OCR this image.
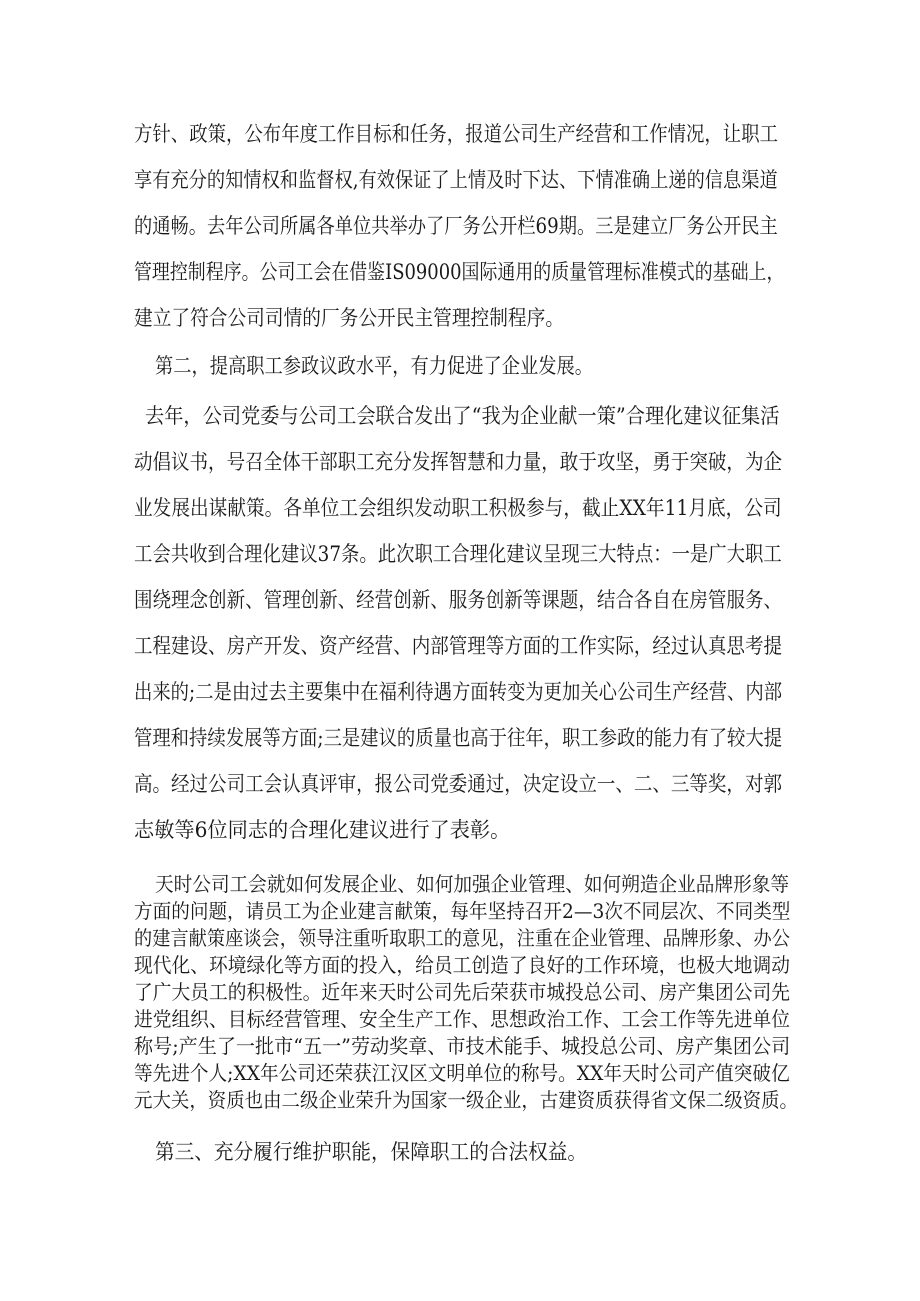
方针、政策，公布年度工作目标和任务，报道公司生产经营和工作情况，让职工
享有充分的知情权和监督权,有效保证了上情及时下达、下情准确上递的信息渠道
的通畅。去年公司所属各单位共举办了厂务公开栏69期。三是建立厂务公开民主
管理控制程序。公司工会在借鉴IS09000国际通用的质量管理标准模式的基础上，
建立了符合公司司情的厂务公开民主管理控制程序。
第二，提高职工参政议政水平，有力促进了企业发展。
去年，公司党委与公司工会联合发出了“我为企业献一策”合理化建议征集活
动倡议书，号召全体干部职工充分发挥智慧和力量，敢于攻坚，勇于突破，为企
业发展出谋献策。各单位工会组织发动职工积极参与，截止XX年11月底，公司
工会共收到合理化建议37条。此次职工合理化建议呈现三大特点：一是广大职工
围绕理念创新、管理创新、经营创新、服务创新等课题，结合各自在房管服务、
工程建设、房产开发、资产经营、内部管理等方面的工作实际，经过认真思考提
出来的;二是由过去主要集中在福利待遇方面转变为更加关心公司生产经营、内部
管理和持续发展等方面;三是建议的质量也高于往年，职工参政的能力有了较大提
高。经过公司工会认真评审，报公司党委通过，决定设立一、二、三等奖，对郭
志敏等6位同志的合理化建议进行了表彰。
天时公司工会就如何发展企业、如何加强企业管理、如何朔造企业品牌形象等
方面的问题，请员工为企业建言献策，每年坚持召开2—3次不同层次、不同类型
的建言献策座谈会，领导注重听取职工的意见，注重在企业管理、品牌形象、办公
现代化、环境绿化等方面的投入，给员工创造了良好的工作环境，也极大地调动
了广大员工的积极性。近年来天时公司先后荣获市城投总公司、房产集团公司先
进党组织、目标经营管理、安全生产工作、思想政治工作、工会工作等先进单位
称号;产生了一批市“五一”劳动奖章、市技术能手、城投总公司、房产集团公司
等先进个人;XX年公司还荣获江汉区文明单位的称号。XX年天时公司产值突破亿
元大关，资质也由二级企业荣升为国家一级企业，古建资质获得省文保二级资质。
第三、充分履行维护职能，保障职工的合法权益。
